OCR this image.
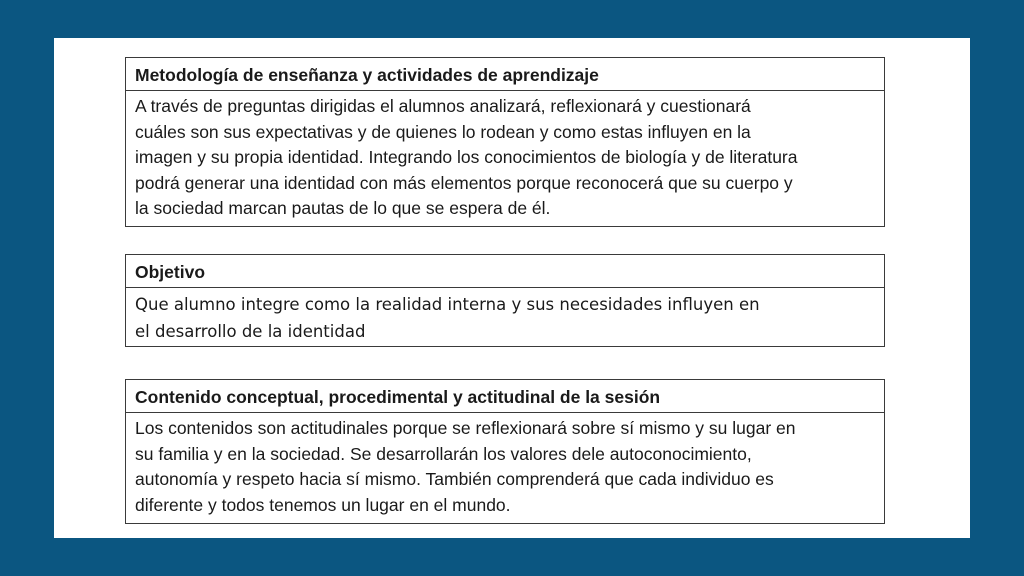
Metodología de enseñanza y actividades de aprendizaje
A través de preguntas dirigidas el alumnos analizará, reflexionará y cuestionará
cuáles son sus expectativas y de quienes lo rodean y como estas influyen en la
imagen y su propia identidad. Integrando los conocimientos de biología y de literatura
podrá generar una identidad con más elementos porque reconocerá que su cuerpo y
la sociedad marcan pautas de lo que se espera de él.
Objetivo
Que alumno integre como la realidad interna y sus necesidades influyen en
el desarrollo de la identidad
Contenido conceptual, procedimental y actitudinal de la sesión
Los contenidos son actitudinales porque se reflexionará sobre sí mismo y su lugar en
su familia y en la sociedad. Se desarrollarán los valores dele autoconocimiento,
autonomía y respeto hacia sí mismo. También comprenderá que cada individuo es
diferente y todos tenemos un lugar en el mundo.
